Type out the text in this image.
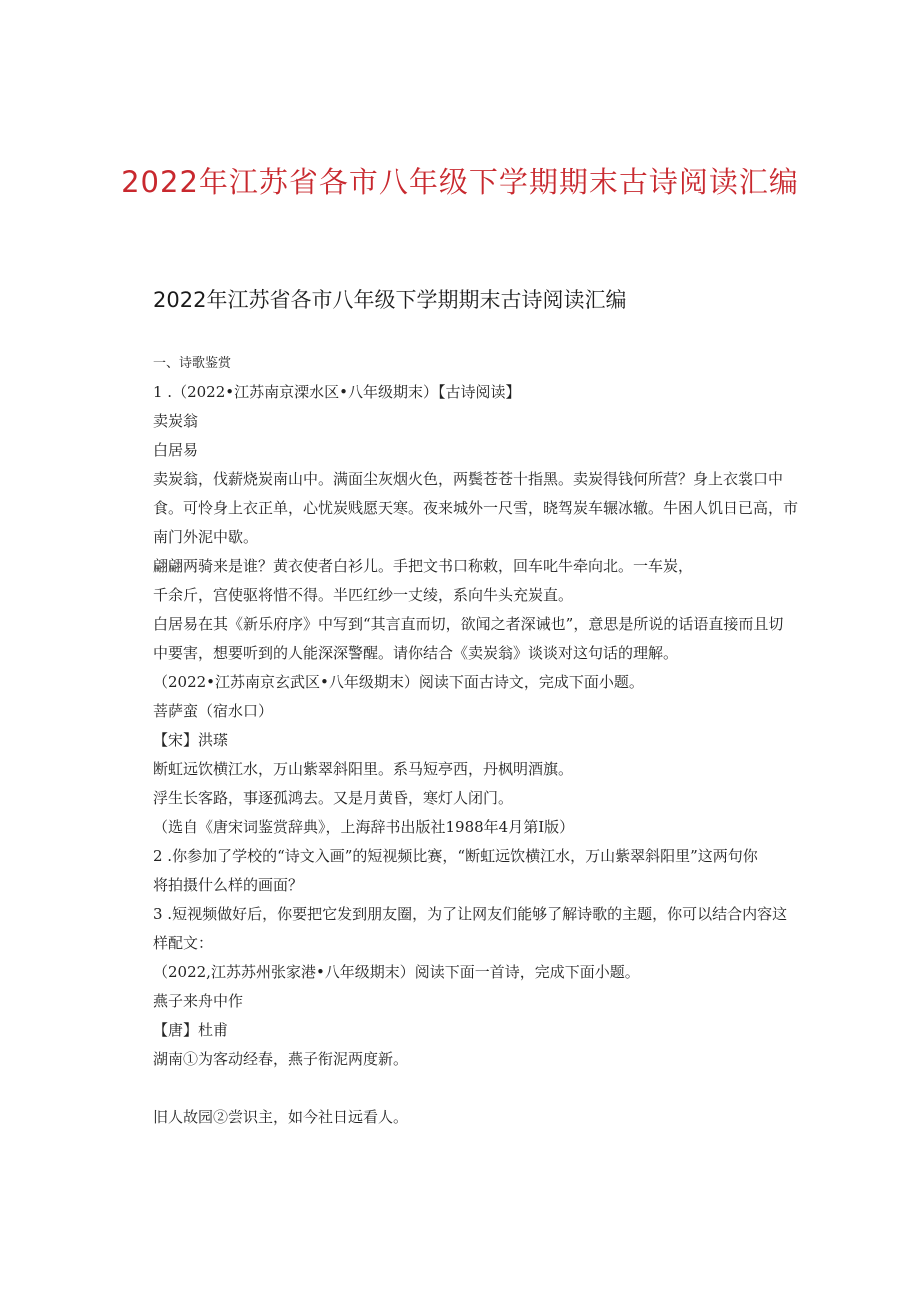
2022年江苏省各市八年级下学期期末古诗阅读汇编
2022年江苏省各市八年级下学期期末古诗阅读汇编
一、诗歌鉴赏
1 .（2022•江苏南京溧水区•八年级期末）【古诗阅读】
卖炭翁
白居易
卖炭翁，伐薪烧炭南山中。满面尘灰烟火色，两鬓苍苍十指黑。卖炭得钱何所营？身上衣裳口中
食。可怜身上衣正单，心忧炭贱愿天寒。夜来城外一尺雪，晓驾炭车辗冰辙。牛困人饥日已高，市
南门外泥中歇。
翩翩两骑来是谁？黄衣使者白衫儿。手把文书口称敕，回车叱牛牵向北。一车炭，
千余斤，宫使驱将惜不得。半匹红纱一丈绫，系向牛头充炭直。
白居易在其《新乐府序》中写到“其言直而切，欲闻之者深诫也”，意思是所说的话语直接而且切
中要害，想要听到的人能深深警醒。请你结合《卖炭翁》谈谈对这句话的理解。
（2022•江苏南京玄武区•八年级期末）阅读下面古诗文，完成下面小题。
菩萨蛮（宿水口）
【宋】洪瑹
断虹远饮横江水，万山紫翠斜阳里。系马短亭西，丹枫明酒旗。
浮生长客路，事逐孤鸿去。又是月黄昏，寒灯人闭门。
（选自《唐宋词鉴赏辞典》，上海辞书出版社1988年4月第Ⅰ版）
2 .你参加了学校的“诗文入画”的短视频比赛，“断虹远饮横江水，万山紫翠斜阳里”这两句你
将拍摄什么样的画面？
3 .短视频做好后，你要把它发到朋友圈，为了让网友们能够了解诗歌的主题，你可以结合内容这
样配文：
（2022,江苏苏州张家港•八年级期末）阅读下面一首诗，完成下面小题。
燕子来舟中作
【唐】杜甫
湖南①为客动经春，燕子衔泥两度新。
旧人故园②尝识主，如今社日远看人。
